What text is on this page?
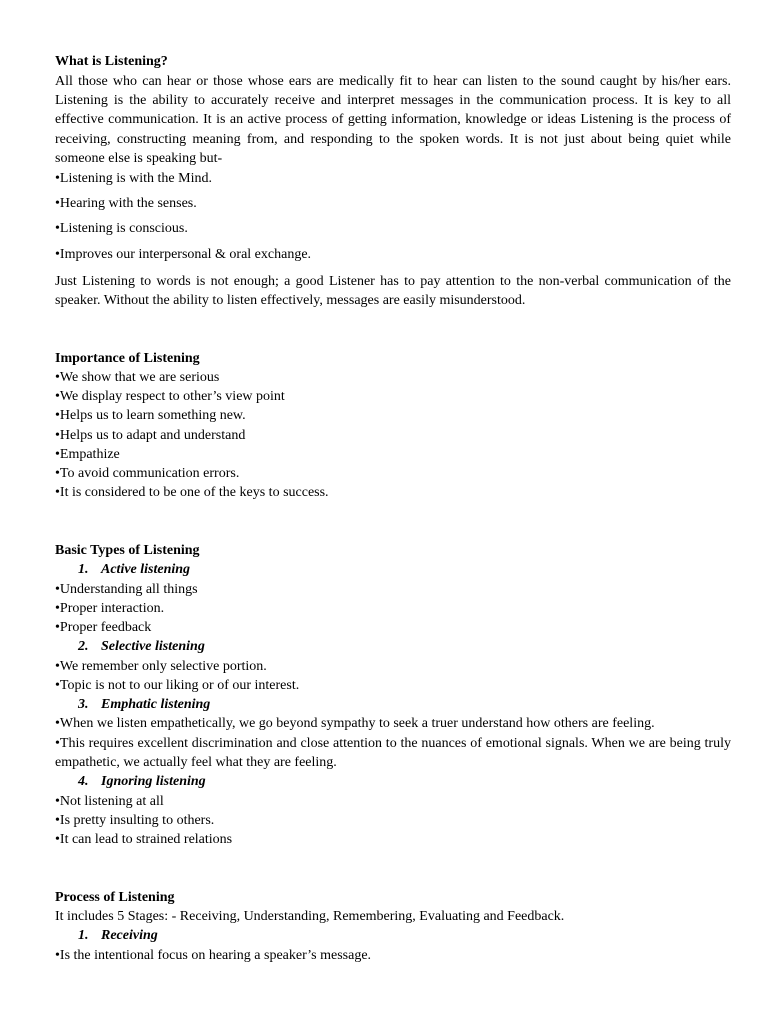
What is Listening?

All those who can hear or those whose ears are medically fit to hear can listen to the sound caught by his/her ears. Listening is the ability to accurately receive and interpret messages in the communication process. It is key to all effective communication. It is an active process of getting information, knowledge or ideas Listening is the process of receiving, constructing meaning from, and responding to the spoken words. It is not just about being quiet while someone else is speaking but-

•Listening is with the Mind.
•Hearing with the senses.
•Listening is conscious.
•Improves our interpersonal & oral exchange.

Just Listening to words is not enough; a good Listener has to pay attention to the non-verbal communication of the speaker. Without the ability to listen effectively, messages are easily misunderstood.

Importance of Listening
•We show that we are serious
•We display respect to other’s view point
•Helps us to learn something new.
•Helps us to adapt and understand
•Empathize
•To avoid communication errors.
•It is considered to be one of the keys to success.
Basic Types of Listening
1. Active listening
•Understanding all things
•Proper interaction.
•Proper feedback
2. Selective listening
•We remember only selective portion.
•Topic is not to our liking or of our interest.
3. Emphatic listening
•When we listen empathetically, we go beyond sympathy to seek a truer understand how others are feeling.

•This requires excellent discrimination and close attention to the nuances of emotional signals. When we are being truly empathetic, we actually feel what they are feeling.

4. Ignoring listening
•Not listening at all
•Is pretty insulting to others.
•It can lead to strained relations
Process of Listening
It includes 5 Stages: - Receiving, Understanding, Remembering, Evaluating and Feedback.
1. Receiving
•Is the intentional focus on hearing a speaker’s message.
